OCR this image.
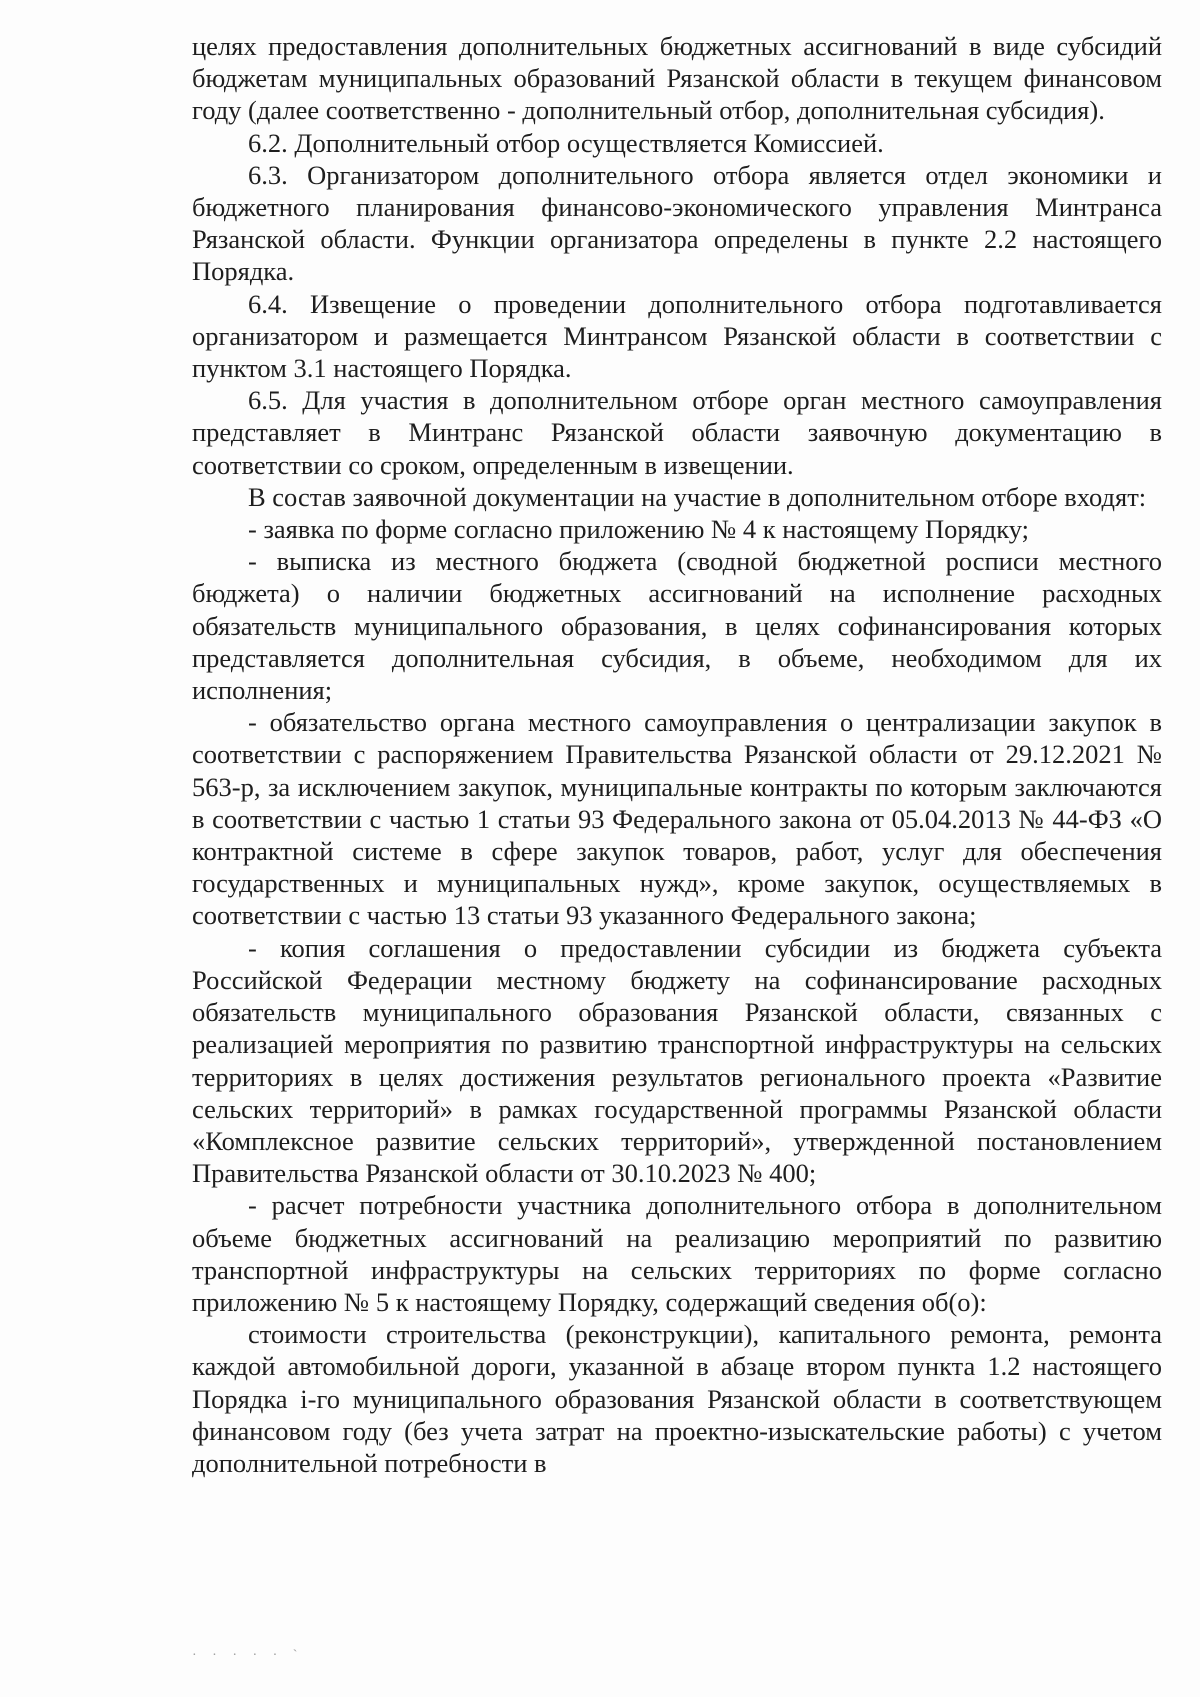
целях предоставления дополнительных бюджетных ассигнований в виде субсидий бюджетам муниципальных образований Рязанской области в текущем финансовом году (далее соответственно - дополнительный отбор, дополнительная субсидия).

6.2. Дополнительный отбор осуществляется Комиссией.

6.3. Организатором дополнительного отбора является отдел экономики и бюджетного планирования финансово-экономического управления Минтранса Рязанской области. Функции организатора определены в пункте 2.2 настоящего Порядка.

6.4. Извещение о проведении дополнительного отбора подготавливается организатором и размещается Минтрансом Рязанской области в соответствии с пунктом 3.1 настоящего Порядка.

6.5. Для участия в дополнительном отборе орган местного самоуправления представляет в Минтранс Рязанской области заявочную документацию в соответствии со сроком, определенным в извещении.

В состав заявочной документации на участие в дополнительном отборе входят:

- заявка по форме согласно приложению № 4 к настоящему Порядку;

- выписка из местного бюджета (сводной бюджетной росписи местного бюджета) о наличии бюджетных ассигнований на исполнение расходных обязательств муниципального образования, в целях софинансирования которых представляется дополнительная субсидия, в объеме, необходимом для их исполнения;

- обязательство органа местного самоуправления о централизации закупок в соответствии с распоряжением Правительства Рязанской области от 29.12.2021 № 563-р, за исключением закупок, муниципальные контракты по которым заключаются в соответствии с частью 1 статьи 93 Федерального закона от 05.04.2013 № 44-ФЗ «О контрактной системе в сфере закупок товаров, работ, услуг для обеспечения государственных и муниципальных нужд», кроме закупок, осуществляемых в соответствии с частью 13 статьи 93 указанного Федерального закона;

- копия соглашения о предоставлении субсидии из бюджета субъекта Российской Федерации местному бюджету на софинансирование расходных обязательств муниципального образования Рязанской области, связанных с реализацией мероприятия по развитию транспортной инфраструктуры на сельских территориях в целях достижения результатов регионального проекта «Развитие сельских территорий» в рамках государственной программы Рязанской области «Комплексное развитие сельских территорий», утвержденной постановлением Правительства Рязанской области от 30.10.2023 № 400;

- расчет потребности участника дополнительного отбора в дополнительном объеме бюджетных ассигнований на реализацию мероприятий по развитию транспортной инфраструктуры на сельских территориях по форме согласно приложению № 5 к настоящему Порядку, содержащий сведения об(о):

стоимости строительства (реконструкции), капитального ремонта, ремонта каждой автомобильной дороги, указанной в абзаце втором пункта 1.2 настоящего Порядка i-го муниципального образования Рязанской области в соответствующем финансовом году (без учета затрат на проектно-изыскательские работы) с учетом дополнительной потребности в

· · · · · ˋ
